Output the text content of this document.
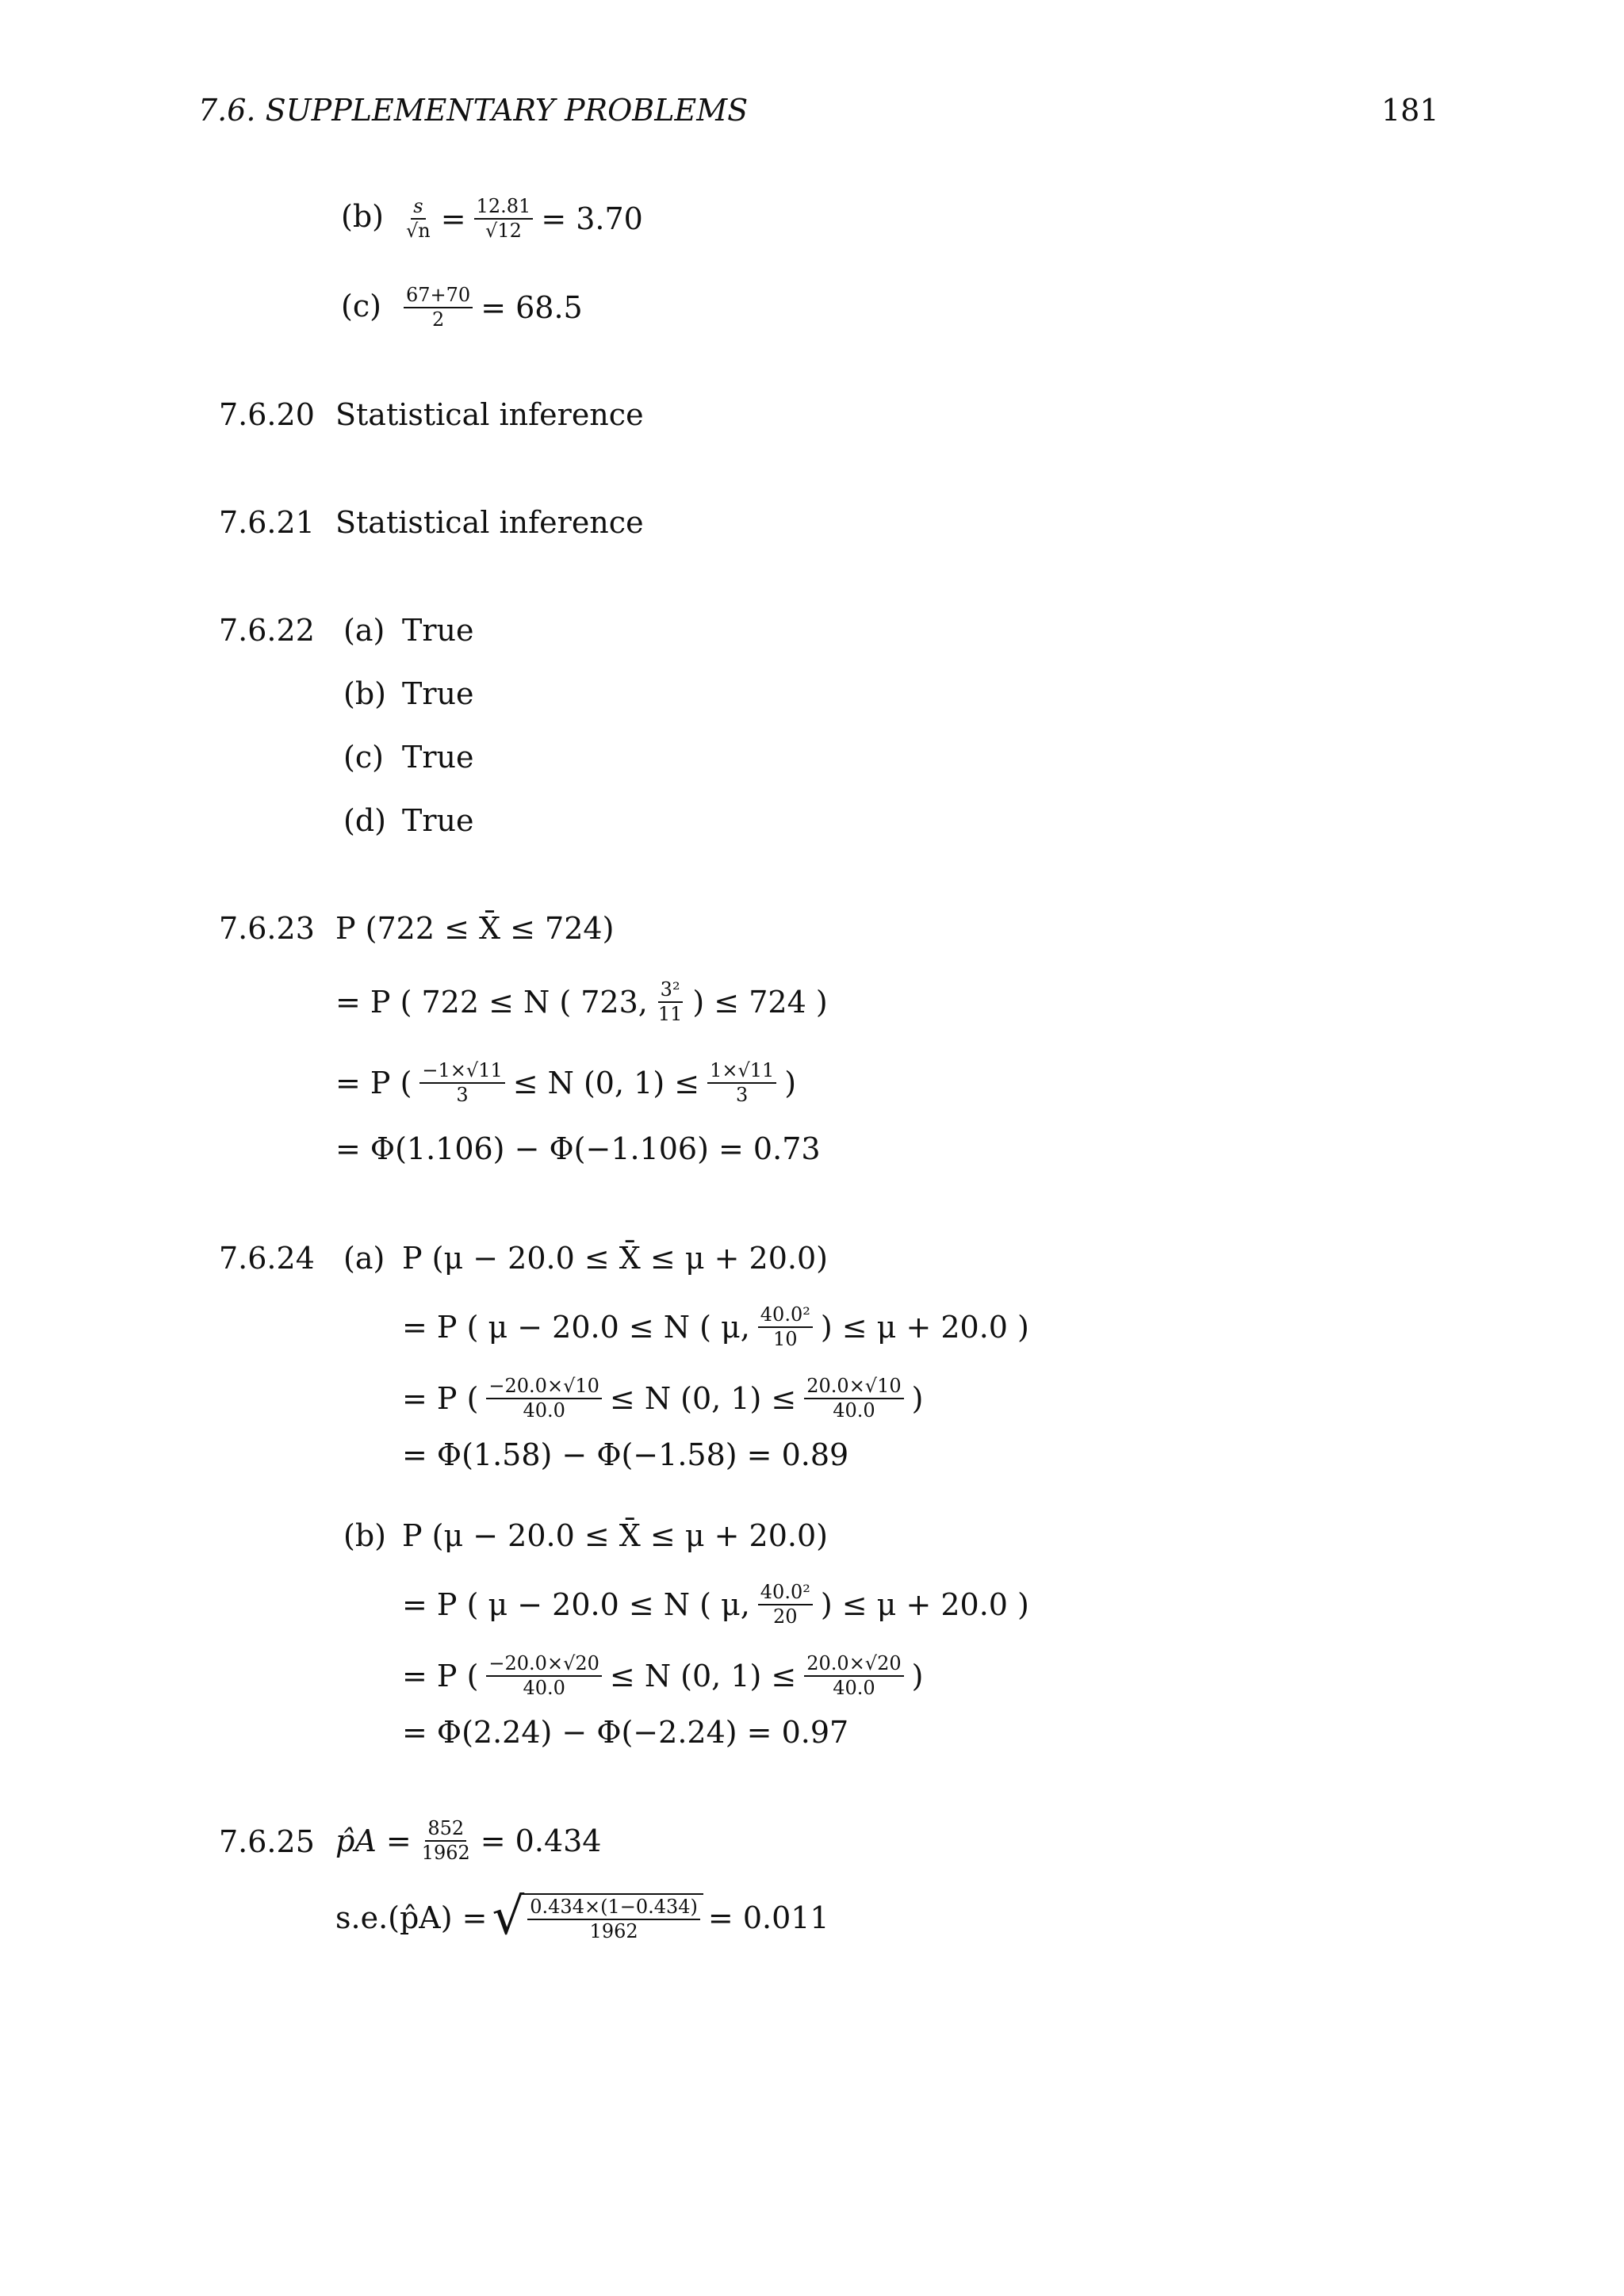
7.6. SUPPLEMENTARY PROBLEMS	181
$(b) \frac{s}{√n} = \frac{12.81}{√12} = 3.70$
$(c) \frac{67+70}{2} = 68.5$
7.6.20 Statistical inference
7.6.21 Statistical inference
7.6.22 (a) True
(b) True
(c) True
(d) True
7.6.23 P (722 ≤ X̄ ≤ 724)
= P ( 722 ≤ N ( 723, $\frac{\text{3²}}{11}$ ) ≤ 724 )
= P ( $\frac{-1\times√11}{3} \le N$ (0, $1) \le \frac{1\times√11}{3}$ )
= Φ(1.106) − Φ(−1.106) = 0.73
7.6.24 (a) P (μ − 20.0 ≤ X̄ ≤ μ + 20.0)
= P ( μ − 20.0 ≤ N ( μ, $\frac{\text{40.0²}}{10}$ ) ≤ μ + 20.0 )
= P ( $\frac{-20.0\times√10}{40.0} \le N$ (0, $1) \le \frac{20.0\times√10}{40.0}$ )
= Φ(1.58) − Φ(−1.58) = 0.89
(b) P (μ − 20.0 ≤ X̄ ≤ μ + 20.0)
= P ( μ − 20.0 ≤ N ( μ, $\frac{\text{40.0²}}{20}$ ) ≤ μ + 20.0 )
= P ( $\frac{-20.0\times√20}{40.0} \le N$ (0, $1) \le \frac{20.0\times√20}{40.0}$ )
= Φ(2.24) − Φ(−2.24) = 0.97
7.6.25 p̂A = $\frac{852}{1962} = 0.434$
s.e.(p̂A) = √ $\frac{0.434\times(1-0.434)}{1962} = 0.011$
